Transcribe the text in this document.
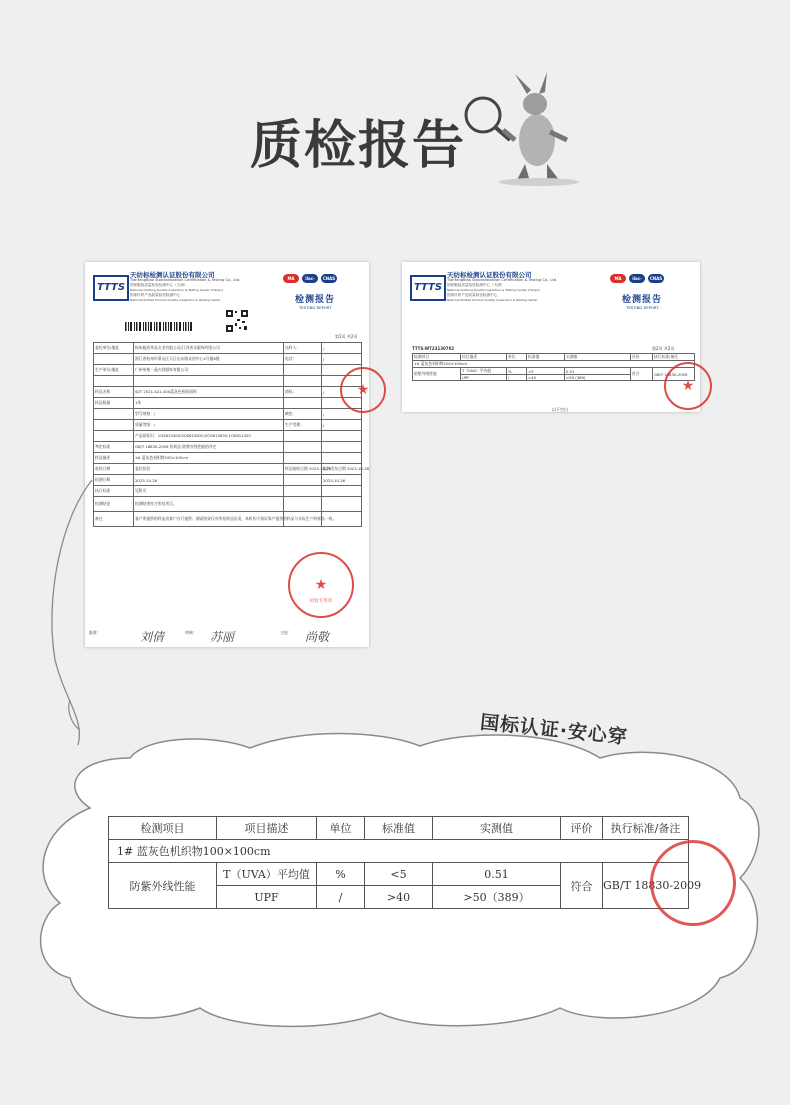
质检报告
TTTS
天纺标检测认证股份有限公司
TianFangBiao Standardization Certification & Testing Co., Ltd.
国家服装质量检验检测中心（天津）
National Clothing Quality Inspection & Testing Center (Tianjin)
国家针织产品质量检验检测中心
National Knitted Product Quality Inspection & Testing Center
MA	ilac-MRA
CNAS
检测报告
TESTING REPORT
第1页 共2页
委托单位/地址	杭州超成华品支业有限公司/江苏省永服饰有限公司	送样人：	/
	浙江省杭州市萧山区天目山东路众创中心4号楼6楼	电话：	/
生产单位/地址	广州州集一晶衣装服饰有限公司		

样品名称	SJ/T 2021-422-400蓝灰色机织面料	商标：	/
样品数量	1块		
	型号规格：/	颜色：	/
	质量等级：/	生产受理：	/
	产品原标识：1OS613400;SOS615820;SOS615630;1OS611420		
判定标准	GB/T 18830-2009 纺织品 防紫外线性能的评定		
样品描述	1# 蓝灰色机织物100×100cm		
收样日期	委托检验	样品接收日期 2023-10-26	报告发布日期 2023-10-28
检测日期	2023-10-26		2023-10-26
执行标准	见附页		
检测结论	检测结果符合所检项目。		
备注	客户所提供的样品由客户自行提供；测试结果仅对所检样品负责，本机构不保证客户提供的样品与实际生产的样品一致。		
★
★
检验专用章
批准：	审核：	主检：
刘倩	苏丽	尚敬
TTTS
天纺标检测认证股份有限公司
TianFangBiao Standardization Certification & Testing Co., Ltd.
国家服装质量检验检测中心（天津）
National Clothing Quality Inspection & Testing Center (Tianjin)
国家针织产品质量检验检测中心
National Knitted Product Quality Inspection & Testing Center
MA	ilac-MRA
CNAS
检测报告
TESTING REPORT
TTTS-WT23130702	第2页 共2页
检测项目	项目描述	单位	标准值	实测值	评价	执行标准/备注
1# 蓝灰色机织物100×100cm						
防紫外线性能	T（UVA）平均值	%	<5	0.51	符合	GB/T 18830-2009
	UPF	/	>40	>50 (389)		
以下空白
★
国标认证·安心穿
检测项目	项目描述	单位	标准值	实测值	评价	执行标准/备注
1# 蓝灰色机织物100×100cm						
防紫外线性能	T（UVA）平均值	%	<5	0.51	符合	GB/T 18830-2009
	UPF	/	>40	>50（389）		
